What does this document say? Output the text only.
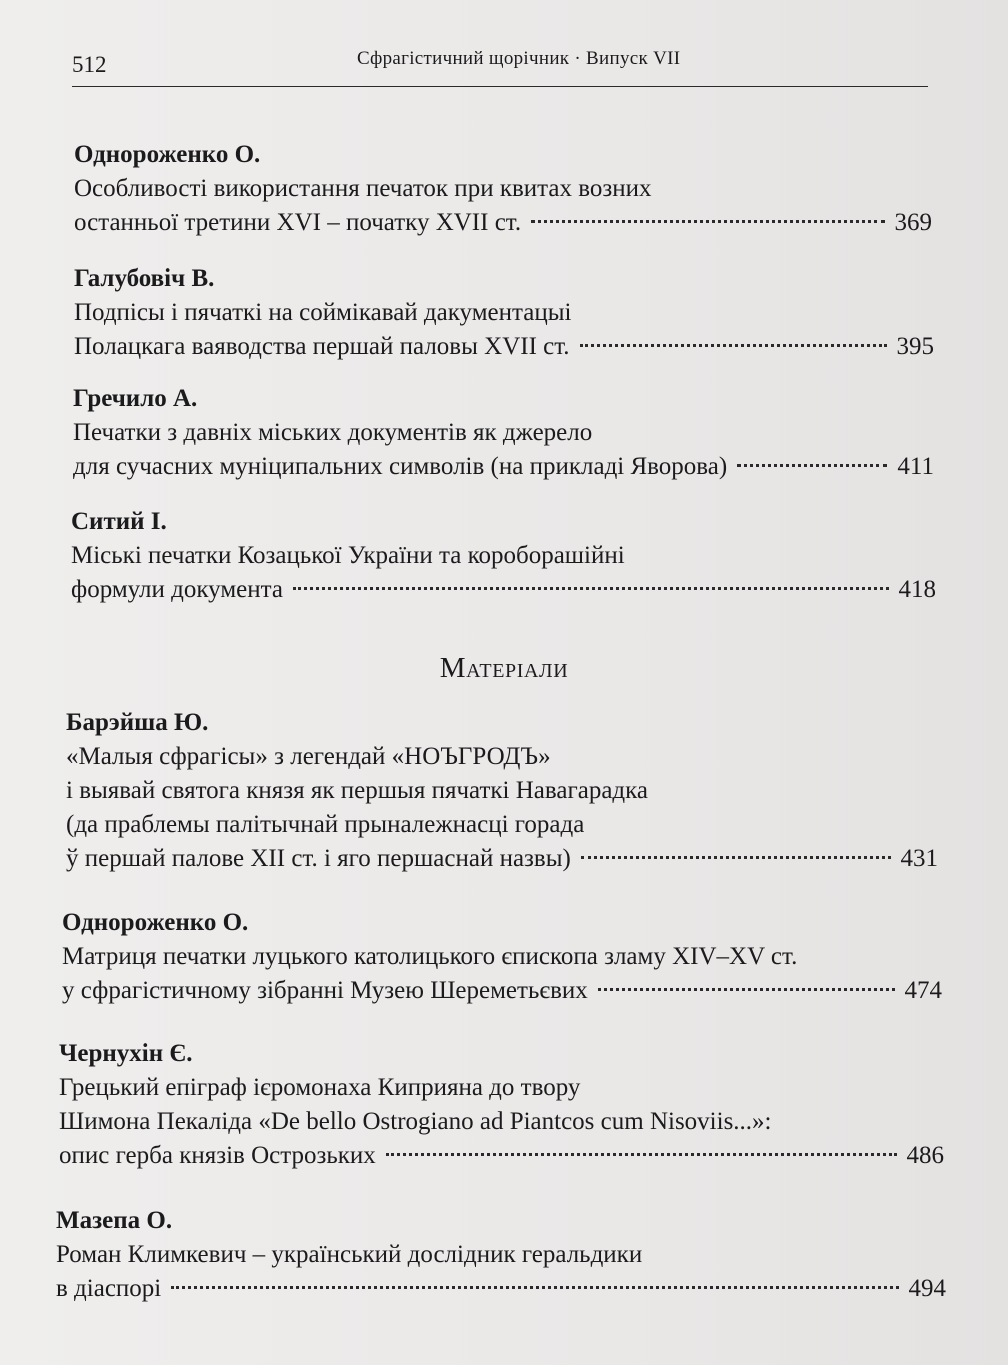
512	Сфрагістичний щорічник · Випуск VII
Однороженко О.
Особливості використання печаток при квитах возних
останньої третини XVI – початку XVII ст.	369
Галубовіч В.
Подпісы і пячаткі на соймікавай дакументацыі
Полацкага ваяводства першай паловы XVII ст.	395
Гречило А.
Печатки з давніх міських документів як джерело
для сучасних муніципальних символів (на прикладі Яворова)	411
Ситий І.
Міські печатки Козацької України та короборашійні
формули документа	418
Матеріали
Барэйша Ю.
«Малыя сфрагісы» з легендай «НОЪГРОДЪ»
і выявай святога князя як першыя пячаткі Навагарадка
(да праблемы палітычнай прыналежнасці горада
ў першай палове XII ст. і яго першаснай назвы)	431
Однороженко О.
Матриця печатки луцького католицького єпископа зламу XIV–XV ст.
у сфрагістичному зібранні Музею Шереметьєвих	474
Чернухін Є.
Грецький епіграф ієромонаха Киприяна до твору
Шимона Пекаліда «De bello Ostrogiano ad Piantcos cum Nisoviis...»:
опис герба князів Острозьких	486
Мазепа О.
Роман Климкевич – український дослідник геральдики
в діаспорі	494
